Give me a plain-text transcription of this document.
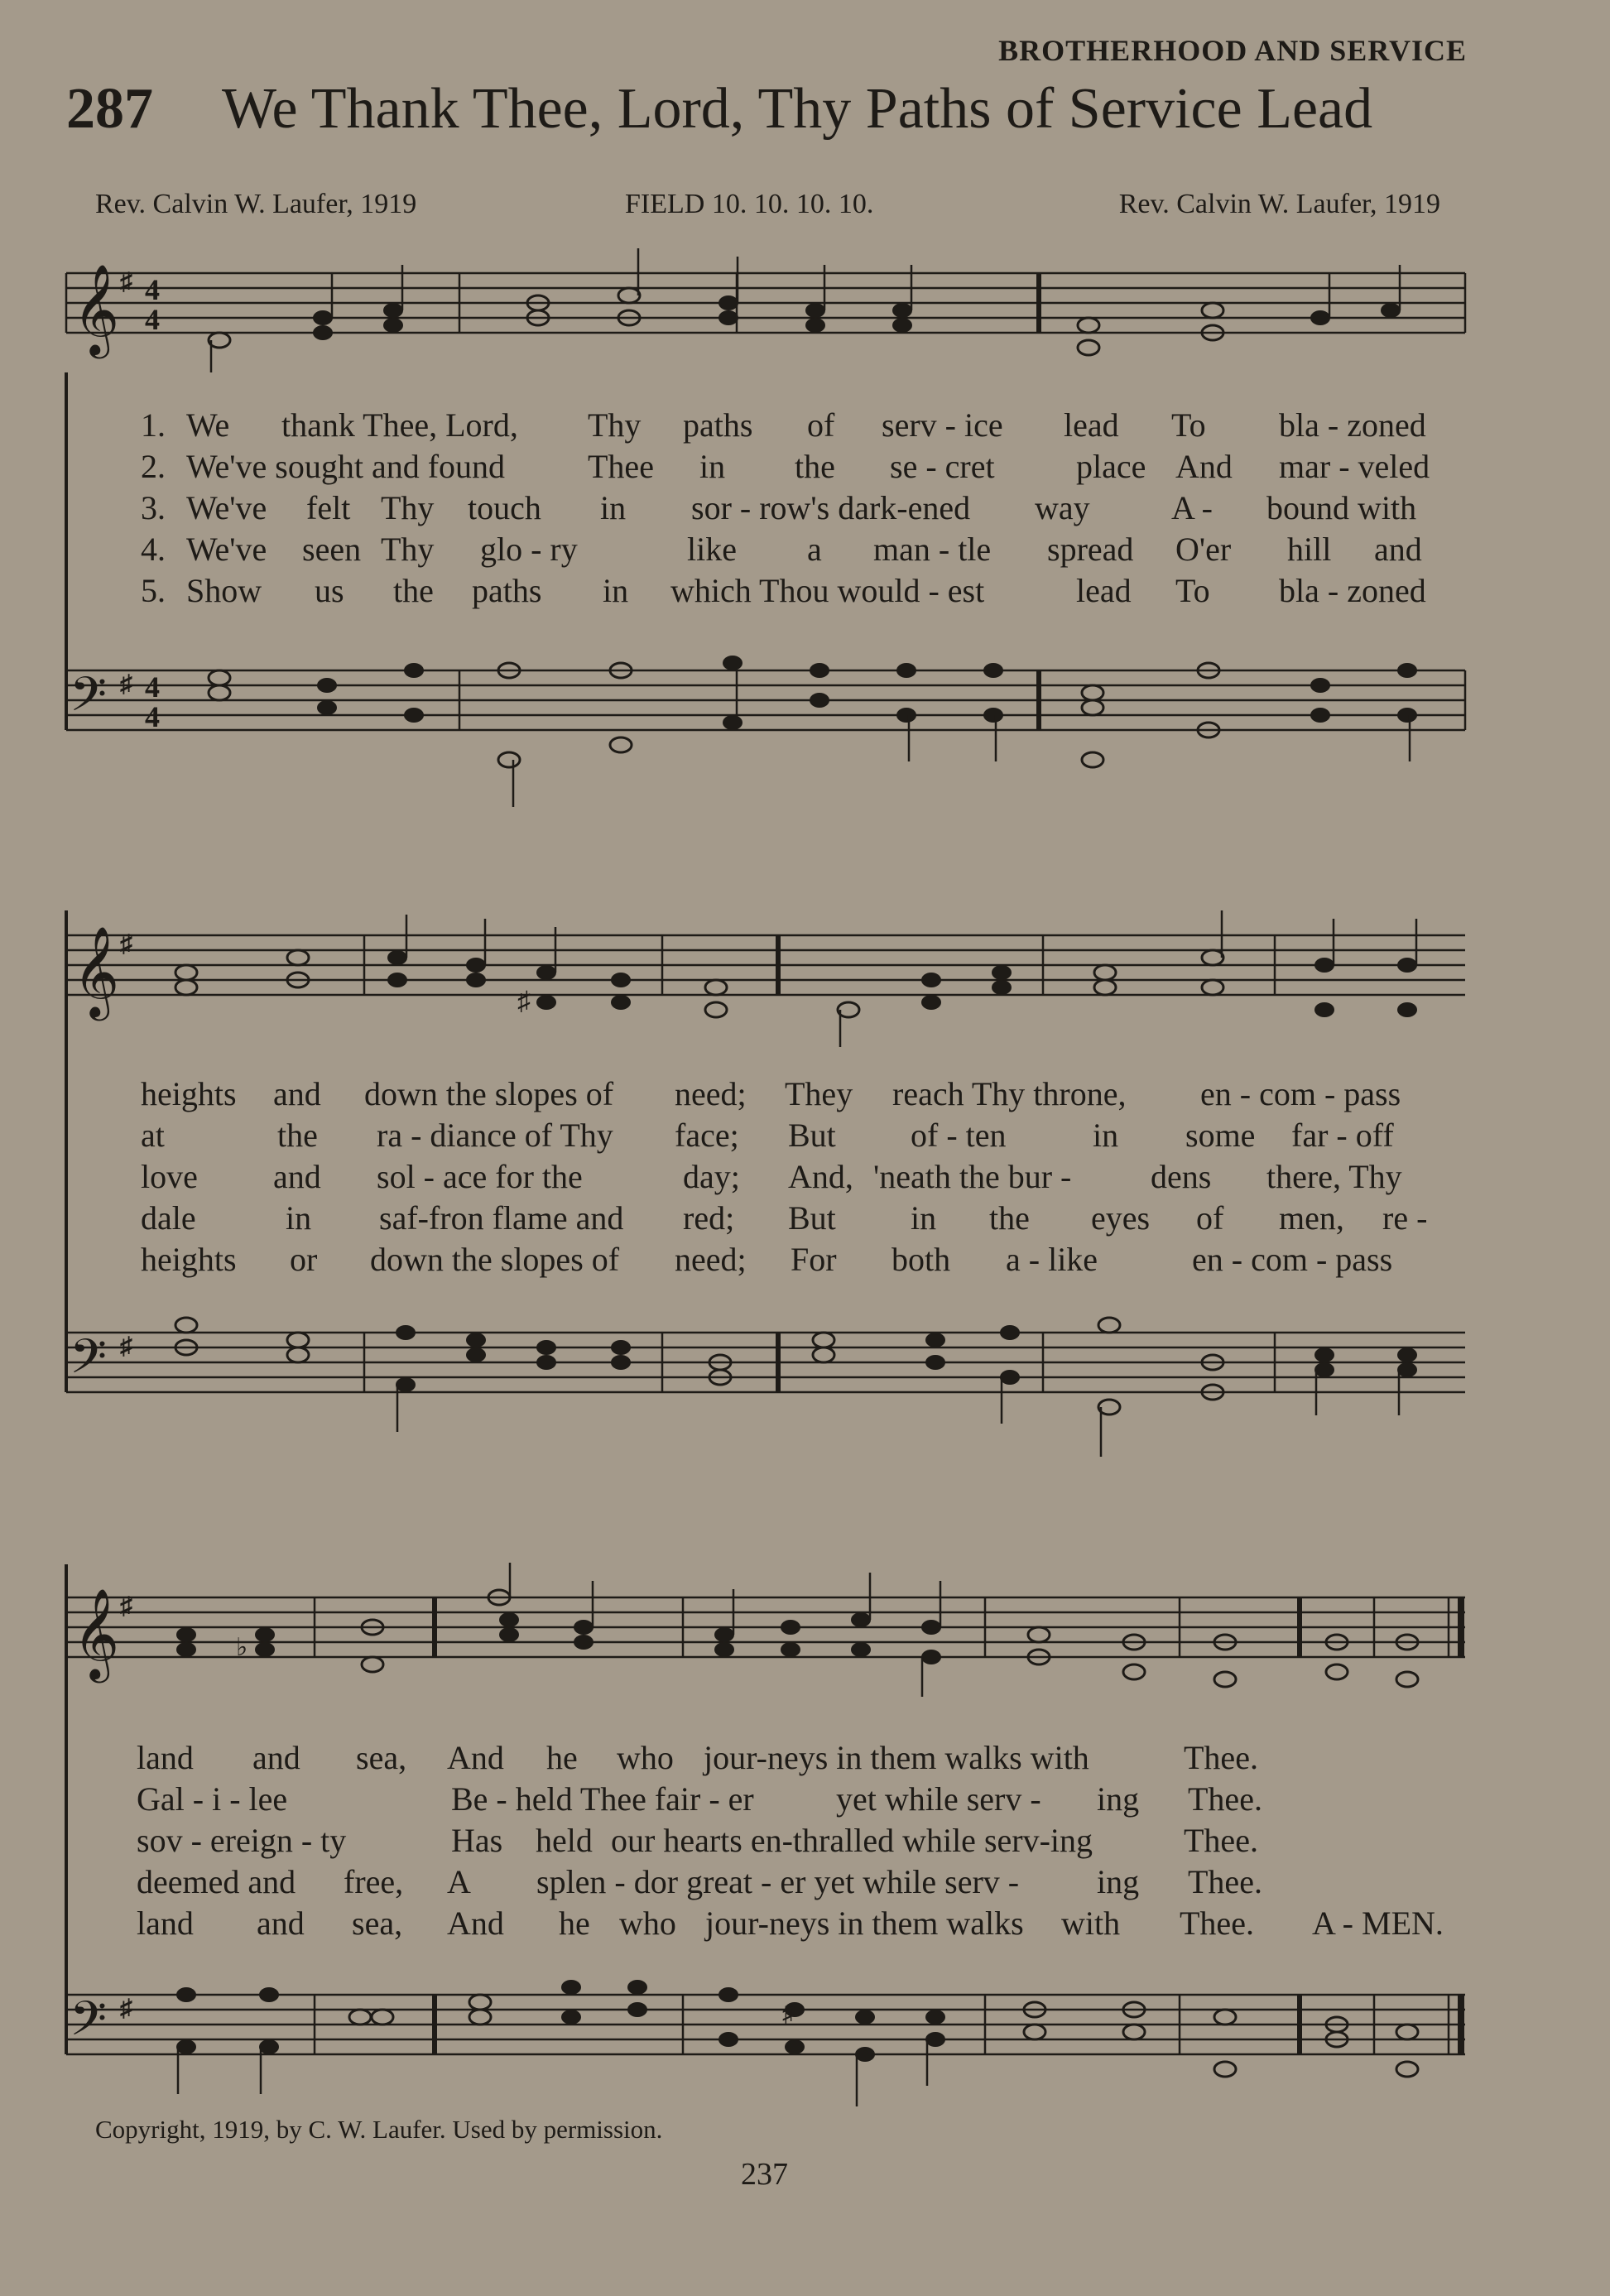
BROTHERHOOD AND SERVICE
287 We Thank Thee, Lord, Thy Paths of Service Lead
Rev. Calvin W. Laufer, 1919	FIELD 10. 10. 10. 10.	Rev. Calvin W. Laufer, 1919
𝄞 ♯ 4
4
1. We thank Thee, Lord, Thy paths of serv - ice lead To bla - zoned
2. We've sought and found Thee in the se - cret place And mar - veled
3. We've felt Thy touch in sor - row's dark-ened way A - bound with
4. We've seen Thy glo - ry	like a man - tle spread O'er hill and
5. Show us the paths in which Thou would - est	lead To bla - zoned
𝄢 ♯ 4
4
𝄞 ♯
♯
heights and down the slopes of need; They reach Thy throne, en - com - pass
at	the ra - diance of Thy face; But of - ten	in some far - off
love and sol - ace for the	day; And, 'neath the bur - dens there, Thy
dale	in saf-fron flame and red; But in the eyes of men, re -
heights or down the slopes of need; For both a - like	en - com - pass
𝄢 ♯
𝄞 ♯
♭
land and sea, And he who jour-neys in them walks with	Thee.
Gal - i - lee	Be - held Thee fair - er yet while serv - ing Thee.
sov - ereign - ty	Has held our hearts en-thralled while serv-ing	Thee.
deemed and free, A splen - dor great - er yet while serv - ing Thee.
land and sea, And he who jour-neys in them walks with Thee. A - MEN.
𝄢 ♯	♯
Copyright, 1919, by C. W. Laufer. Used by permission.
237
